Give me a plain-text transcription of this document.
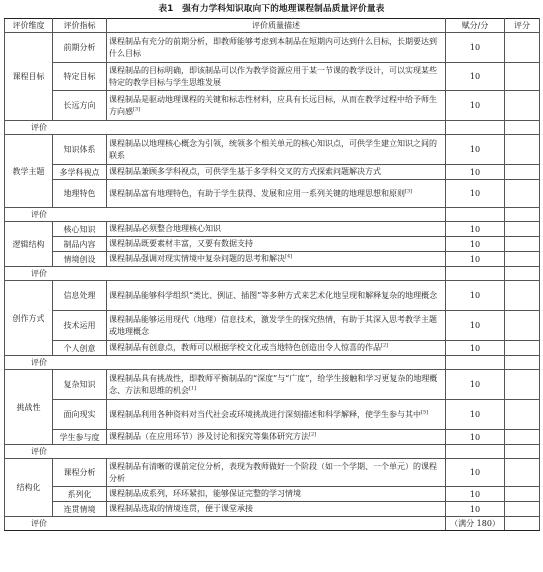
表1　强有力学科知识取向下的地理课程制品质量评价量表
评价维度	评价指标	评价质量描述	赋分/分	评分
课程目标	前期分析	课程制品有充分的前期分析，即教师能够考虑到本制品在短期内可达到什么目标，长期要达到什么目标	10	
	特定目标	课程制品的目标明确，即该制品可以作为教学资源应用于某一节课的教学设计，可以实现某些特定的教学目标与学生思维发展	10	
	长远方向	课程制品是驱动地理课程的关键和标志性材料，应具有长远目标，从而在教学过程中给予师生方向感[3]	10	
评价				
教学主题	知识体系	课程制品以地理核心概念为引领，统领多个相关单元的核心知识点，可供学生建立知识之间的联系	10	
	多学科视点	课程制品兼顾多学科视点，可供学生基于多学科交叉的方式探索问题解决方式	10	
	地理特色	课程制品富有地理特色，有助于学生获得、发展和应用一系列关键的地理思想和原则[3]	10	
评价				
逻辑结构	核心知识	课程制品必须整合地理核心知识	10	
	制品内容	课程制品既要素材丰富，又要有数据支持	10	
	情境创设	课程制品强调对现实情境中复杂问题的思考和解决[4]	10	
评价				
创作方式	信息处理	课程制品能够科学组织“类比、例证、插图”等多种方式来艺术化地呈现和解释复杂的地理概念	10	
	技术运用	课程制品能够运用现代（地理）信息技术，激发学生的探究热情，有助于其深入思考教学主题或地理概念	10	
	个人创意	课程制品有创意点，教师可以根据学校文化或当地特色创造出令人惊喜的作品[2]	10	
评价				
挑战性	复杂知识	课程制品具有挑战性，即教师平衡制品的“深度”与“广度”，给学生接触和学习更复杂的地理概念、方法和思维的机会[1]	10	
	面向现实	课程制品利用各种资料对当代社会或环境挑战进行深刻描述和科学解释，使学生参与其中[5]	10	
	学生参与度	课程制品（在应用环节）涉及讨论和探究等集体研究方法[2]	10	
评价				
结构化	课程分析	课程制品有清晰的课前定位分析，表现为教师做好一个阶段（如一个学期、一个单元）的课程分析	10	
	系列化	课程制品成系列，环环紧扣，能够保证完整的学习情境	10	
	连贯情境	课程制品选取的情境连贯，便于课堂承接	10	
评价			（满分 180）	
